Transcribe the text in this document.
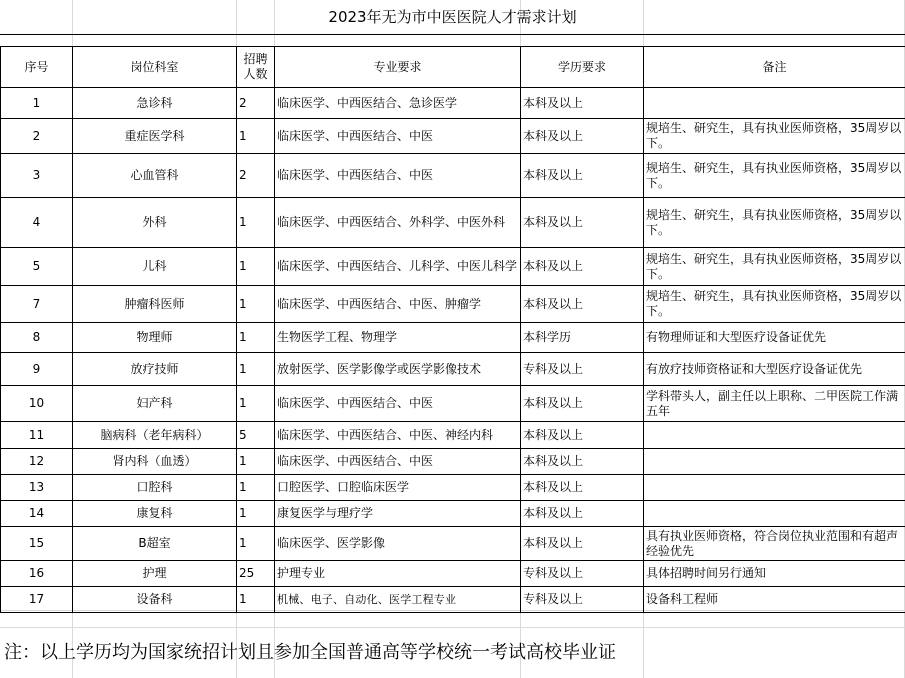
2023年无为市中医医院人才需求计划
序号	岗位科室	招聘人数	专业要求	学历要求	备注
1	急诊科	2	临床医学、中西医结合、急诊医学	本科及以上	
2	重症医学科	1	临床医学、中西医结合、中医	本科及以上	规培生、研究生，具有执业医师资格，35周岁以下。
3	心血管科	2	临床医学、中西医结合、中医	本科及以上	规培生、研究生，具有执业医师资格，35周岁以下。
4	外科	1	临床医学、中西医结合、外科学、中医外科	本科及以上	规培生、研究生，具有执业医师资格，35周岁以下。
5	儿科	1	临床医学、中西医结合、儿科学、中医儿科学	本科及以上	规培生、研究生，具有执业医师资格，35周岁以下。
7	肿瘤科医师	1	临床医学、中西医结合、中医、肿瘤学	本科及以上	规培生、研究生，具有执业医师资格，35周岁以下。
8	物理师	1	生物医学工程、物理学	本科学历	有物理师证和大型医疗设备证优先
9	放疗技师	1	放射医学、医学影像学或医学影像技术	专科及以上	有放疗技师资格证和大型医疗设备证优先
10	妇产科	1	临床医学、中西医结合、中医	本科及以上	学科带头人，副主任以上职称、二甲医院工作满五年
11	脑病科（老年病科）	5	临床医学、中西医结合、中医、神经内科	本科及以上	
12	肾内科（血透）	1	临床医学、中西医结合、中医	本科及以上	
13	口腔科	1	口腔医学、口腔临床医学	本科及以上	
14	康复科	1	康复医学与理疗学	本科及以上	
15	B超室	1	临床医学、医学影像	本科及以上	具有执业医师资格，符合岗位执业范围和有超声经验优先
16	护理	25	护理专业	专科及以上	具体招聘时间另行通知
17	设备科	1	机械、电子、自动化、医学工程专业	专科及以上	设备科工程师
注：以上学历均为国家统招计划且参加全国普通高等学校统一考试高校毕业证
